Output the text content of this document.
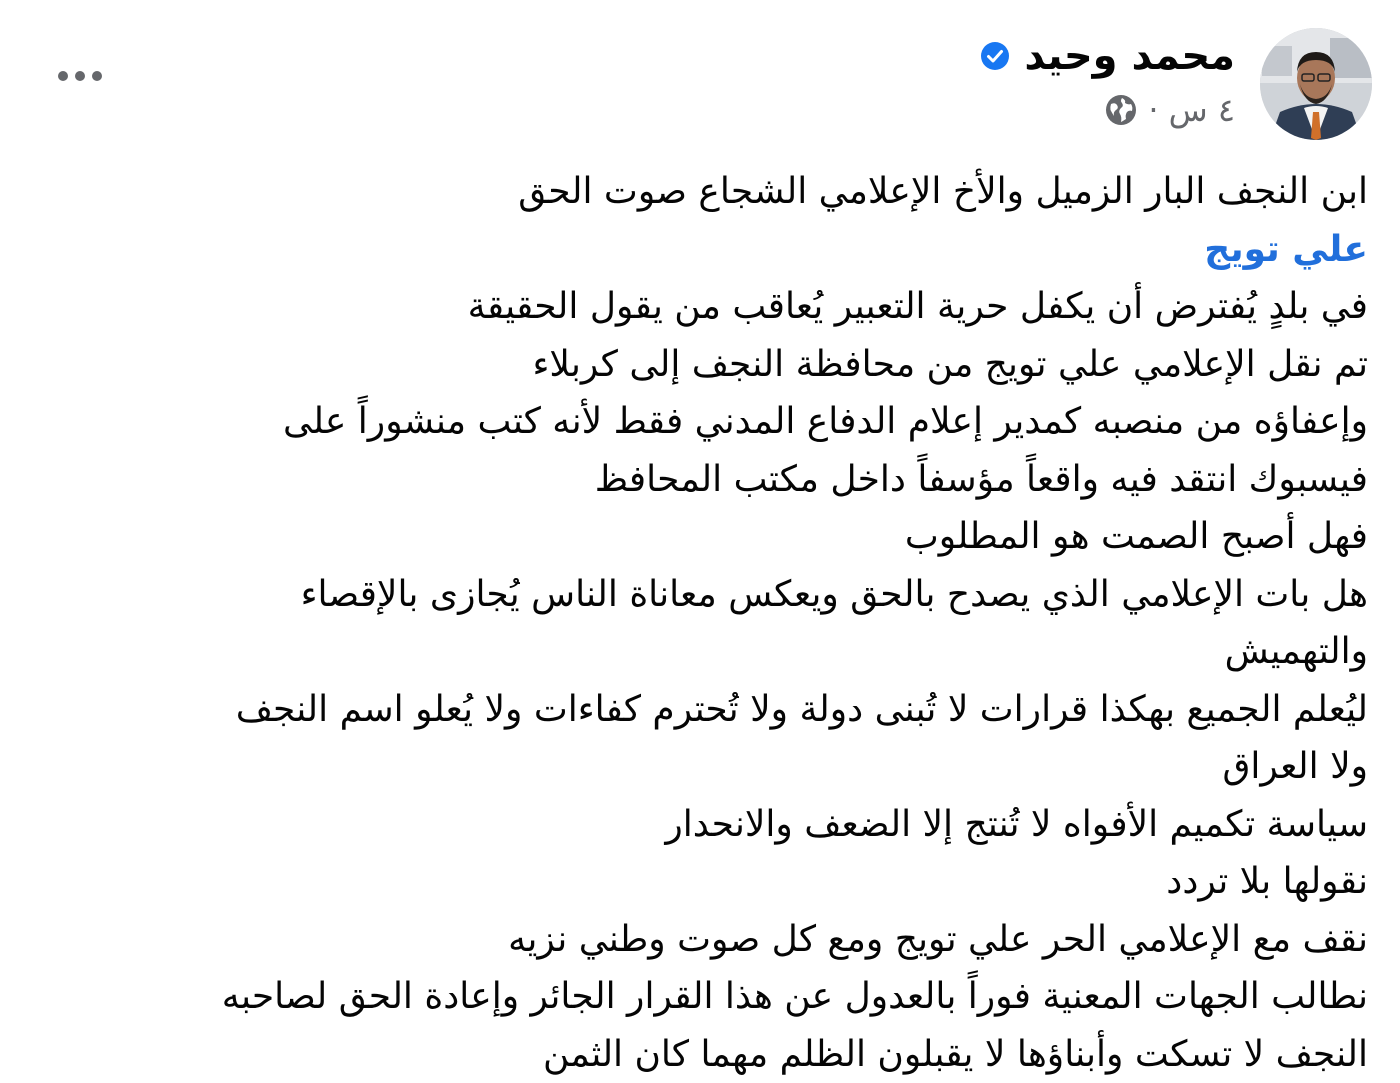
محمد وحيد
٤ س
·
ابن النجف البار الزميل والأخ الإعلامي الشجاع صوت الحق
علي تويج
في بلدٍ يُفترض أن يكفل حرية التعبير يُعاقب من يقول الحقيقة
تم نقل الإعلامي علي تويج من محافظة النجف إلى كربلاء
وإعفاؤه من منصبه كمدير إعلام الدفاع المدني فقط لأنه كتب منشوراً على
فيسبوك انتقد فيه واقعاً مؤسفاً داخل مكتب المحافظ
فهل أصبح الصمت هو المطلوب
هل بات الإعلامي الذي يصدح بالحق ويعكس معاناة الناس يُجازى بالإقصاء
والتهميش
ليُعلم الجميع بهكذا قرارات لا تُبنى دولة ولا تُحترم كفاءات ولا يُعلو اسم النجف
ولا العراق
سياسة تكميم الأفواه لا تُنتج إلا الضعف والانحدار
نقولها بلا تردد
نقف مع الإعلامي الحر علي تويج ومع كل صوت وطني نزيه
نطالب الجهات المعنية فوراً بالعدول عن هذا القرار الجائر وإعادة الحق لصاحبه
النجف لا تسكت وأبناؤها لا يقبلون الظلم مهما كان الثمن
